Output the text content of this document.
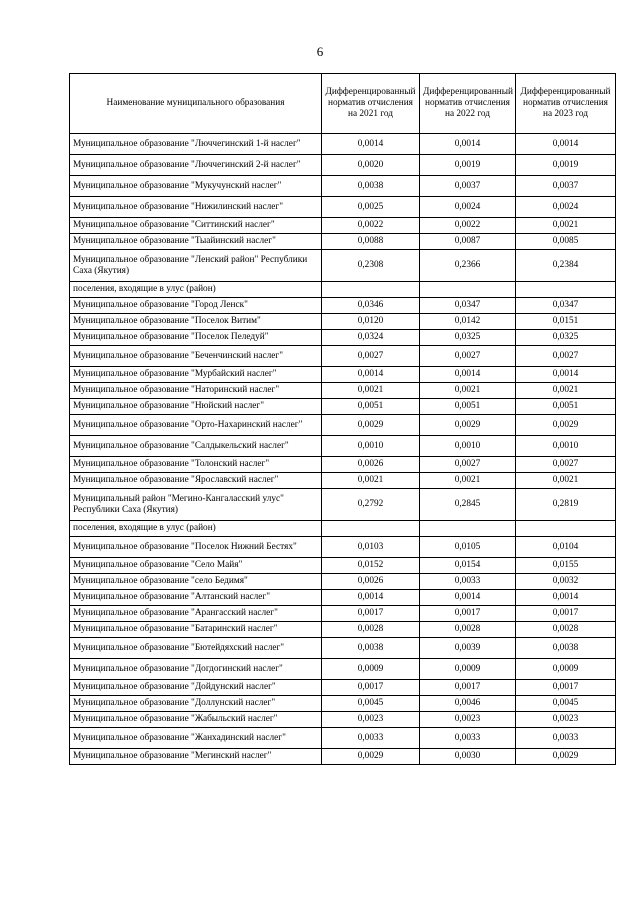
6
Наименование муниципального образования	Дифференцированный норматив отчисления на 2021 год	Дифференцированный норматив отчисления на 2022 год	Дифференцированный норматив отчисления на 2023 год
Муниципальное образование "Люччегинский 1-й наслег"	0,0014	0,0014	0,0014
Муниципальное образование "Люччегинский 2-й наслег"	0,0020	0,0019	0,0019
Муниципальное образование "Мукучунский наслег"	0,0038	0,0037	0,0037
Муниципальное образование "Нижилинский наслег"	0,0025	0,0024	0,0024
Муниципальное образование "Ситтинский наслег"	0,0022	0,0022	0,0021
Муниципальное образование "Тыайинский наслег"	0,0088	0,0087	0,0085
Муниципальное образование "Ленский район" Республики Саха (Якутия)	0,2308	0,2366	0,2384
поселения, входящие в улус (район)			
Муниципальное образование "Город Ленск"	0,0346	0,0347	0,0347
Муниципальное образование "Поселок Витим"	0,0120	0,0142	0,0151
Муниципальное образование "Поселок Пеледуй"	0,0324	0,0325	0,0325
Муниципальное образование "Беченчинский наслег"	0,0027	0,0027	0,0027
Муниципальное образование "Мурбайский наслег"	0,0014	0,0014	0,0014
Муниципальное образование "Наторинский наслег"	0,0021	0,0021	0,0021
Муниципальное образование "Нюйский наслег"	0,0051	0,0051	0,0051
Муниципальное образование "Орто-Нахаринский наслег"	0,0029	0,0029	0,0029
Муниципальное образование "Салдыкельский наслег"	0,0010	0,0010	0,0010
Муниципальное образование "Толонский наслег"	0,0026	0,0027	0,0027
Муниципальное образование "Ярославский наслег"	0,0021	0,0021	0,0021
Муниципальный район "Мегино-Кангаласский улус" Республики Саха (Якутия)	0,2792	0,2845	0,2819
поселения, входящие в улус (район)			
Муниципальное образование "Поселок Нижний Бестях"	0,0103	0,0105	0,0104
Муниципальное образование "Село Майя"	0,0152	0,0154	0,0155
Муниципальное образование "село Бедимя"	0,0026	0,0033	0,0032
Муниципальное образование "Алтанский наслег"	0,0014	0,0014	0,0014
Муниципальное образование "Арангасский наслег"	0,0017	0,0017	0,0017
Муниципальное образование "Батаринский наслег"	0,0028	0,0028	0,0028
Муниципальное образование "Бютейдяхский наслег"	0,0038	0,0039	0,0038
Муниципальное образование "Догдогинский наслег"	0,0009	0,0009	0,0009
Муниципальное образование "Дойдунский наслег"	0,0017	0,0017	0,0017
Муниципальное образование "Доллунский наслег"	0,0045	0,0046	0,0045
Муниципальное образование "Жабыльский наслег"	0,0023	0,0023	0,0023
Муниципальное образование "Жанхадинский наслег"	0,0033	0,0033	0,0033
Муниципальное образование "Мегинский наслег"	0,0029	0,0030	0,0029
